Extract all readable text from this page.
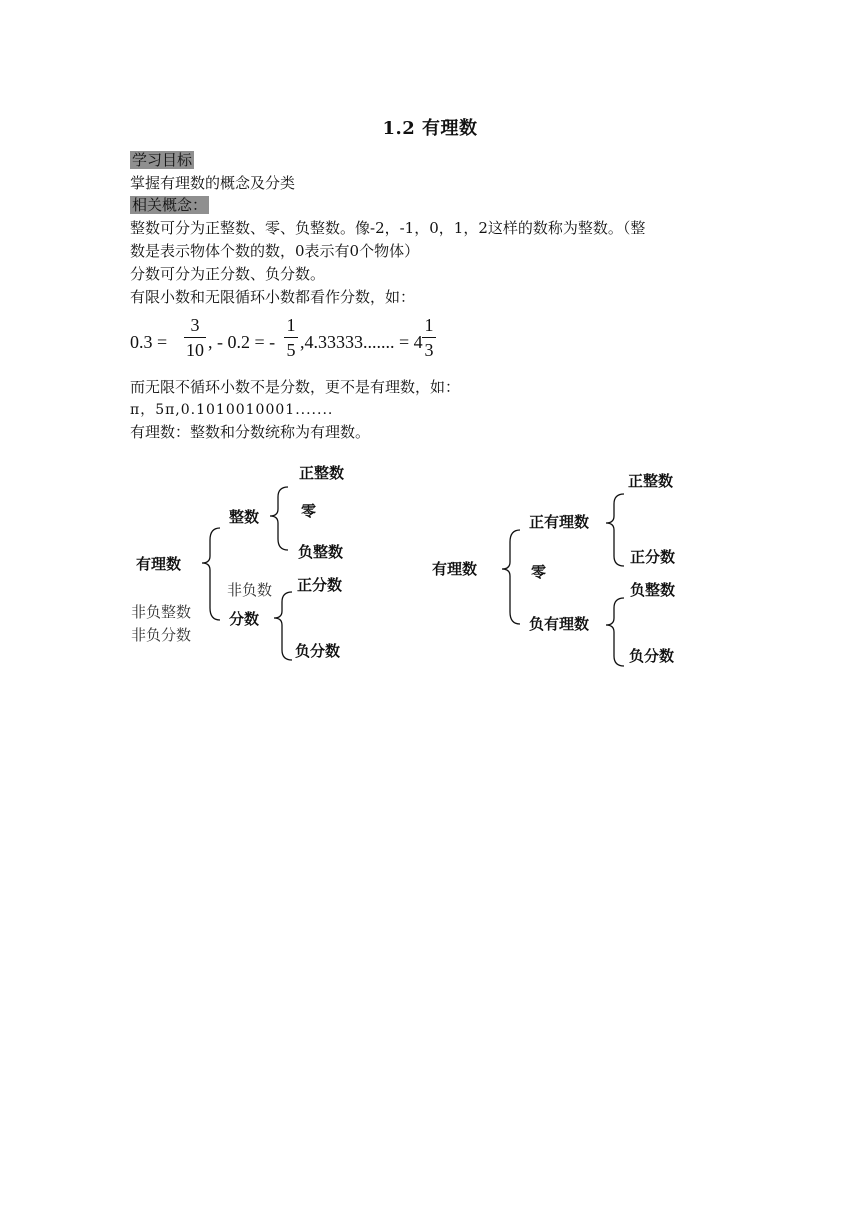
1.2 有理数
学习目标
掌握有理数的概念及分类
相关概念：
整数可分为正整数、零、负整数。像-2，-1，0，1，2这样的数称为整数。（整
数是表示物体个数的数，0表示有0个物体）
分数可分为正分数、负分数。
有限小数和无限循环小数都看作分数，如：
0.3 =
3
10 , - 0.2 = -
1
5 ,4.33333....... = 4
1
3
而无限不循环小数不是分数，更不是有理数，如：
π，5π,0.1010010001.......
有理数：整数和分数统称为有理数。
有理数
整数
分数
正整数
零
负整数
正分数
负分数
非负数
非负整数
非负分数
有理数
正有理数
零
负有理数
正整数
正分数
负整数
负分数
